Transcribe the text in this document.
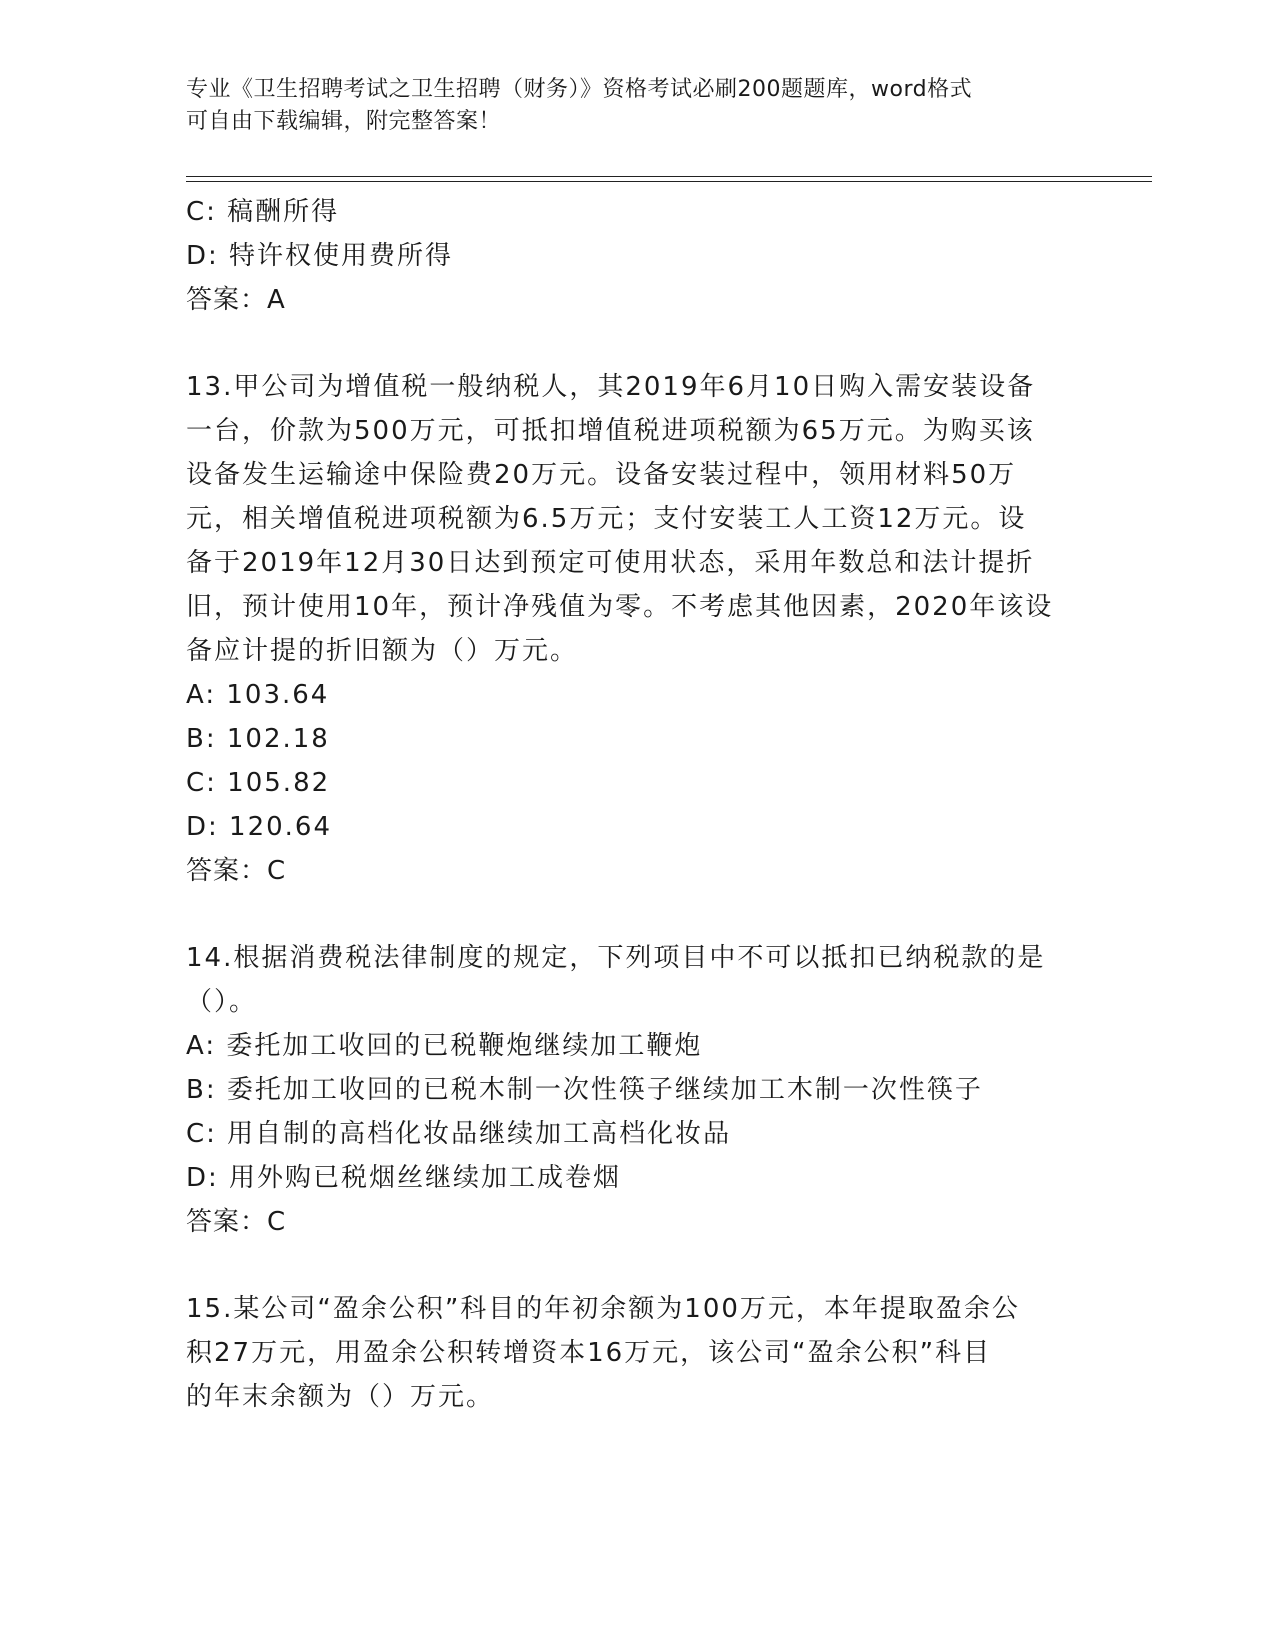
专业《卫生招聘考试之卫生招聘（财务）》资格考试必刷200题题库，word格式
可自由下载编辑，附完整答案！
C: 稿酬所得
D: 特许权使用费所得
答案：A
13.甲公司为增值税一般纳税人，其2019年6月10日购入需安装设备
一台，价款为500万元，可抵扣增值税进项税额为65万元。为购买该
设备发生运输途中保险费20万元。设备安装过程中，领用材料50万
元，相关增值税进项税额为6.5万元；支付安装工人工资12万元。设
备于2019年12月30日达到预定可使用状态，采用年数总和法计提折
旧，预计使用10年，预计净残值为零。不考虑其他因素，2020年该设
备应计提的折旧额为（）万元。
A: 103.64
B: 102.18
C: 105.82
D: 120.64
答案：C
14.根据消费税法律制度的规定，下列项目中不可以抵扣已纳税款的是
（）。
A: 委托加工收回的已税鞭炮继续加工鞭炮
B: 委托加工收回的已税木制一次性筷子继续加工木制一次性筷子
C: 用自制的高档化妆品继续加工高档化妆品
D: 用外购已税烟丝继续加工成卷烟
答案：C
15.某公司“盈余公积”科目的年初余额为100万元，本年提取盈余公
积27万元，用盈余公积转增资本16万元，该公司“盈余公积”科目
的年末余额为（）万元。
